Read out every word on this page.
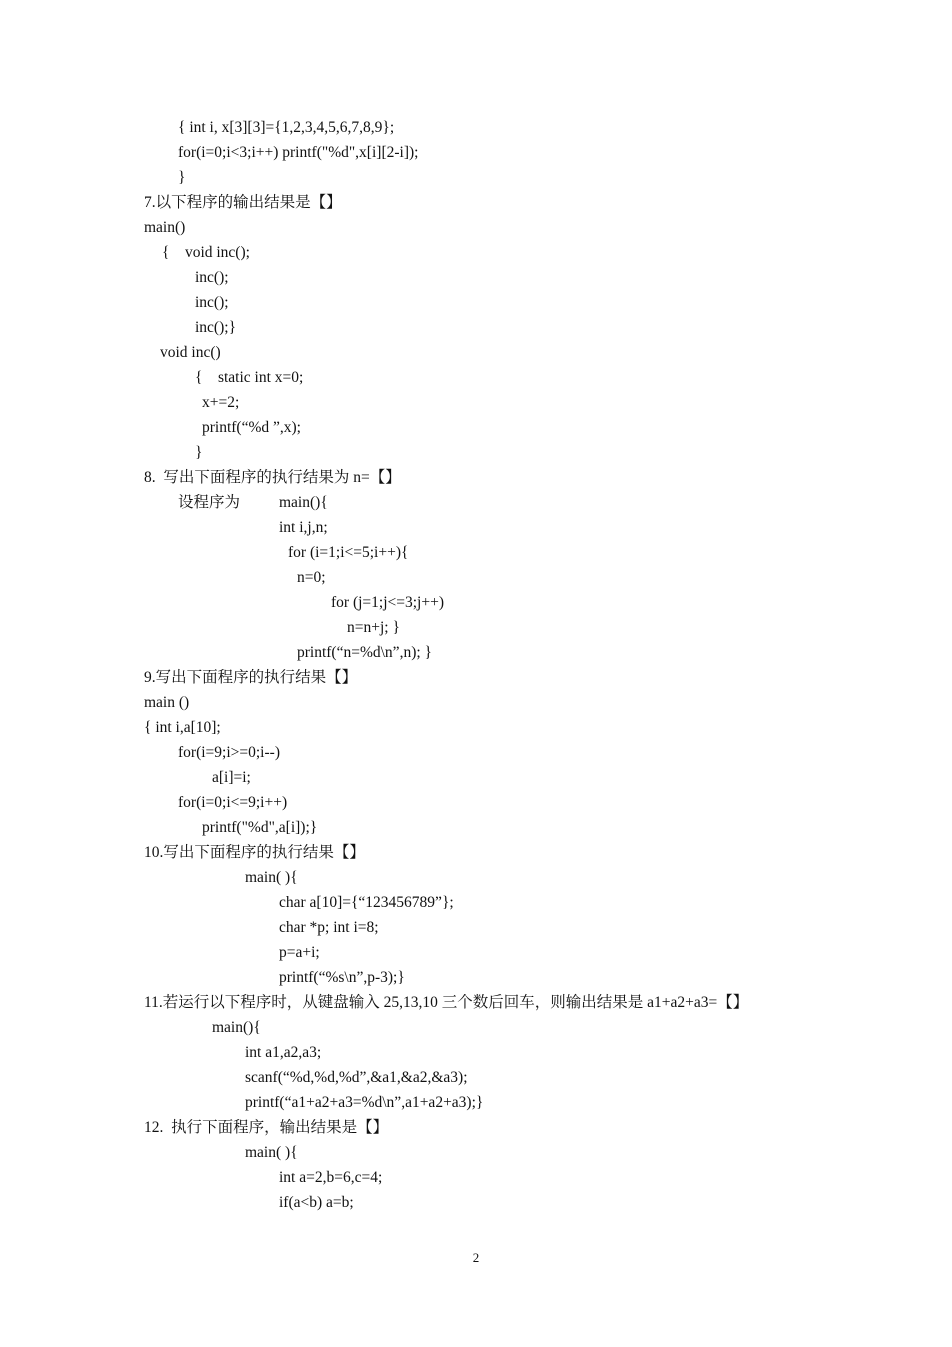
{ int i, x[3][3]={1,2,3,4,5,6,7,8,9};
for(i=0;i<3;i++) printf("%d",x[i][2-i]);
}
7.以下程序的输出结果是【】
main()
{    void inc();
inc();
inc();
inc();}
void inc()
{    static int x=0;
x+=2;
printf(“%d ”,x);
}
8.  写出下面程序的执行结果为 n=【】
设程序为	main(){
int i,j,n;
for (i=1;i<=5;i++){
n=0;
for (j=1;j<=3;j++)
n=n+j; }
printf(“n=%d\n”,n); }
9.写出下面程序的执行结果【】
main ()
{ int i,a[10];
for(i=9;i>=0;i--)
a[i]=i;
for(i=0;i<=9;i++)
printf("%d",a[i]);}
10.写出下面程序的执行结果【】
main( ){
char a[10]={“123456789”};
char *p; int i=8;
p=a+i;
printf(“%s\n”,p-3);}
11.若运行以下程序时，从键盘输入 25,13,10 三个数后回车，则输出结果是 a1+a2+a3=【】
main(){
int a1,a2,a3;
scanf(“%d,%d,%d”,&a1,&a2,&a3);
printf(“a1+a2+a3=%d\n”,a1+a2+a3);}
12.  执行下面程序，输出结果是【】
main( ){
int a=2,b=6,c=4;
if(a<b) a=b;
2
